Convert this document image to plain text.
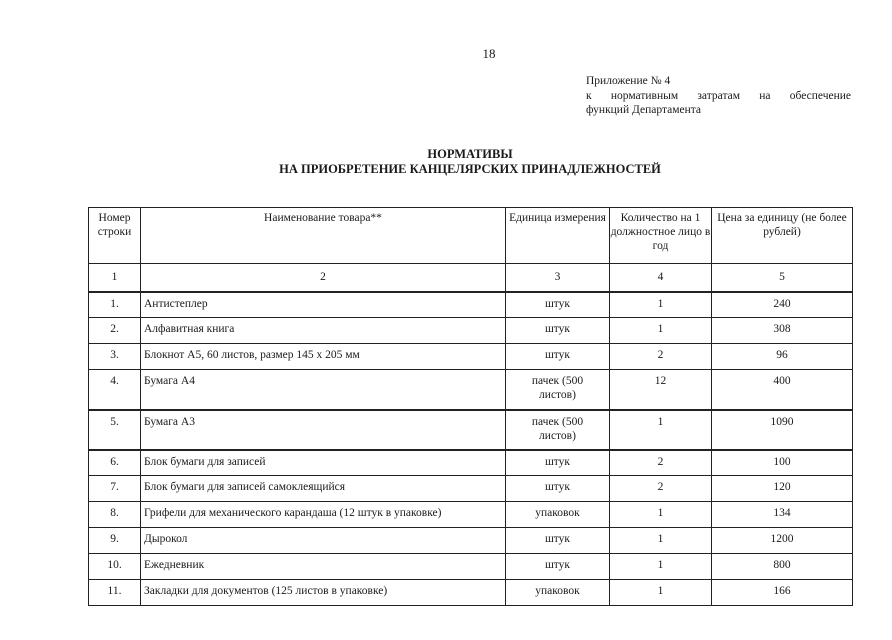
18
Приложение № 4
к нормативным затратам на обеспечение
функций Департамента
НОРМАТИВЫ
НА ПРИОБРЕТЕНИЕ КАНЦЕЛЯРСКИХ ПРИНАДЛЕЖНОСТЕЙ
Номер строки	Наименование товара**	Единица измерения	Количество на 1 должностное лицо в год	Цена за единицу (не более рублей)
1	2	3	4	5
1.	Антистеплер	штук	1	240
2.	Алфавитная книга	штук	1	308
3.	Блокнот А5, 60 листов, размер 145 х 205 мм	штук	2	96
4.	Бумага А4	пачек (500 листов)	12	400
5.	Бумага А3	пачек (500 листов)	1	1090
6.	Блок бумаги для записей	штук	2	100
7.	Блок бумаги для записей самоклеящийся	штук	2	120
8.	Грифели для механического карандаша (12 штук в упаковке)	упаковок	1	134
9.	Дырокол	штук	1	1200
10.	Ежедневник	штук	1	800
11.	Закладки для документов (125 листов в упаковке)	упаковок	1	166
